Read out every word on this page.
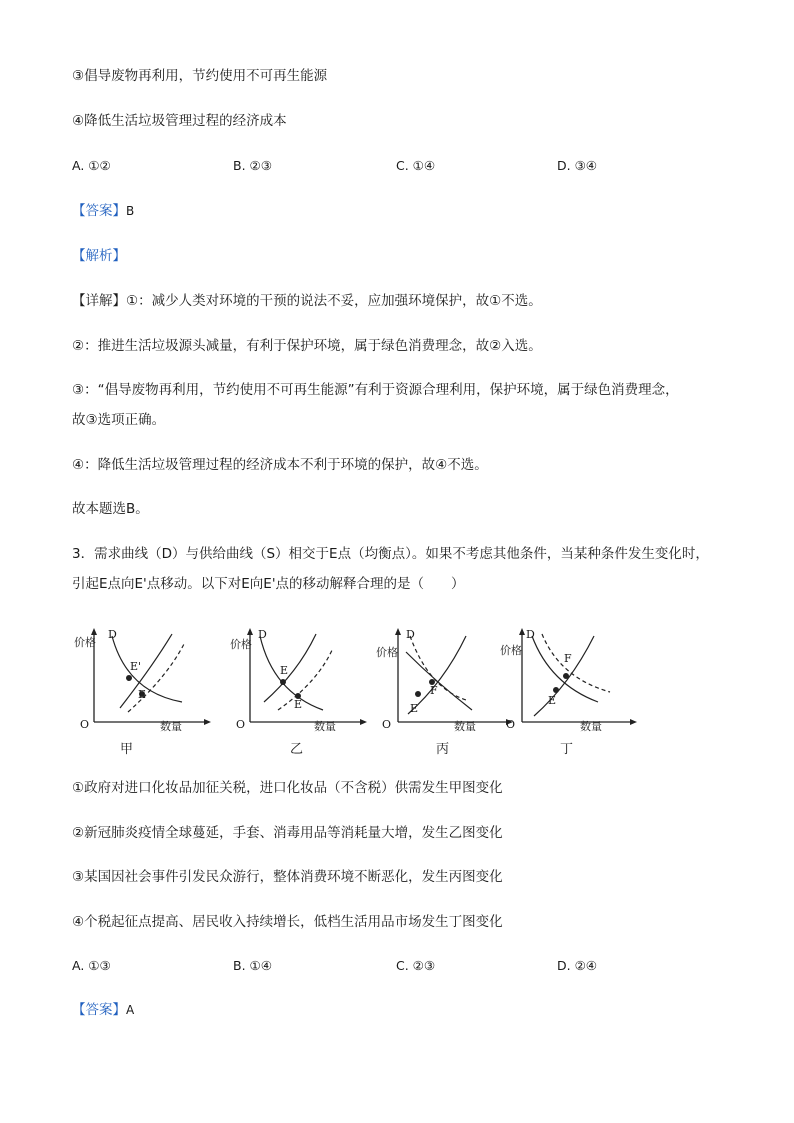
③倡导废物再利用，节约使用不可再生能源
④降低生活垃圾管理过程的经济成本
A. ①②	B. ②③	C. ①④	D. ③④
【答案】B
【解析】
【详解】①：减少人类对环境的干预的说法不妥，应加强环境保护，故①不选。
②：推进生活垃圾源头减量，有利于保护环境，属于绿色消费理念，故②入选。
③：“倡导废物再利用，节约使用不可再生能源”有利于资源合理利用，保护环境，属于绿色消费理念，
故③选项正确。
④：降低生活垃圾管理过程的经济成本不利于环境的保护，故④不选。
故本题选B。
3．需求曲线（D）与供给曲线（S）相交于E点（均衡点）。如果不考虑其他条件，当某种条件发生变化时，
引起E点向E'点移动。以下对E向E'点的移动解释合理的是（　　）
价格
D
E'
E
数量
O
甲
价格
D
E
E
数量
O
乙
价格
D
F
E
数量
O
丙
价格
D
F
E
数量
O
丁
①政府对进口化妆品加征关税，进口化妆品（不含税）供需发生甲图变化
②新冠肺炎疫情全球蔓延，手套、消毒用品等消耗量大增，发生乙图变化
③某国因社会事件引发民众游行，整体消费环境不断恶化，发生丙图变化
④个税起征点提高、居民收入持续增长，低档生活用品市场发生丁图变化
A. ①③	B. ①④	C. ②③	D. ②④
【答案】A
